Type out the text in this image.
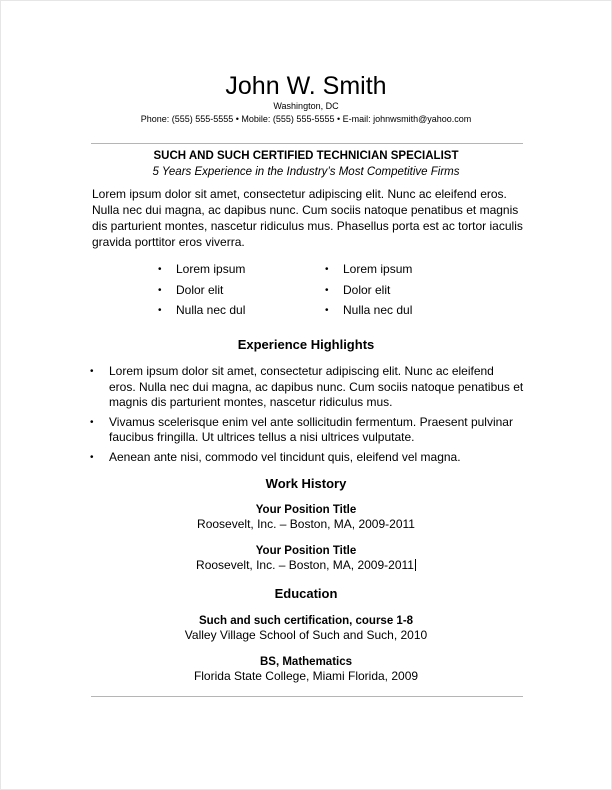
John W. Smith
Washington, DC
Phone: (555) 555-5555 • Mobile: (555) 555-5555 • E-mail: johnwsmith@yahoo.com
SUCH AND SUCH CERTIFIED TECHNICIAN SPECIALIST
5 Years Experience in the Industry’s Most Competitive Firms
Lorem ipsum dolor sit amet, consectetur adipiscing elit. Nunc ac eleifend eros.
Nulla nec dui magna, ac dapibus nunc. Cum sociis natoque penatibus et magnis
dis parturient montes, nascetur ridiculus mus. Phasellus porta est ac tortor iaculis
gravida porttitor eros viverra.
• Lorem ipsum
• Dolor elit
• Nulla nec dul
• Lorem ipsum
• Dolor elit
• Nulla nec dul
Experience Highlights
• Lorem ipsum dolor sit amet, consectetur adipiscing elit. Nunc ac eleifend
eros. Nulla nec dui magna, ac dapibus nunc. Cum sociis natoque penatibus et
magnis dis parturient montes, nascetur ridiculus mus.
• Vivamus scelerisque enim vel ante sollicitudin fermentum. Praesent pulvinar
faucibus fringilla. Ut ultrices tellus a nisi ultrices vulputate.
• Aenean ante nisi, commodo vel tincidunt quis, eleifend vel magna.
Work History
Your Position Title
Roosevelt, Inc. – Boston, MA, 2009-2011
Your Position Title
Roosevelt, Inc. – Boston, MA, 2009-2011
Education
Such and such certification, course 1-8
Valley Village School of Such and Such, 2010
BS, Mathematics
Florida State College, Miami Florida, 2009
